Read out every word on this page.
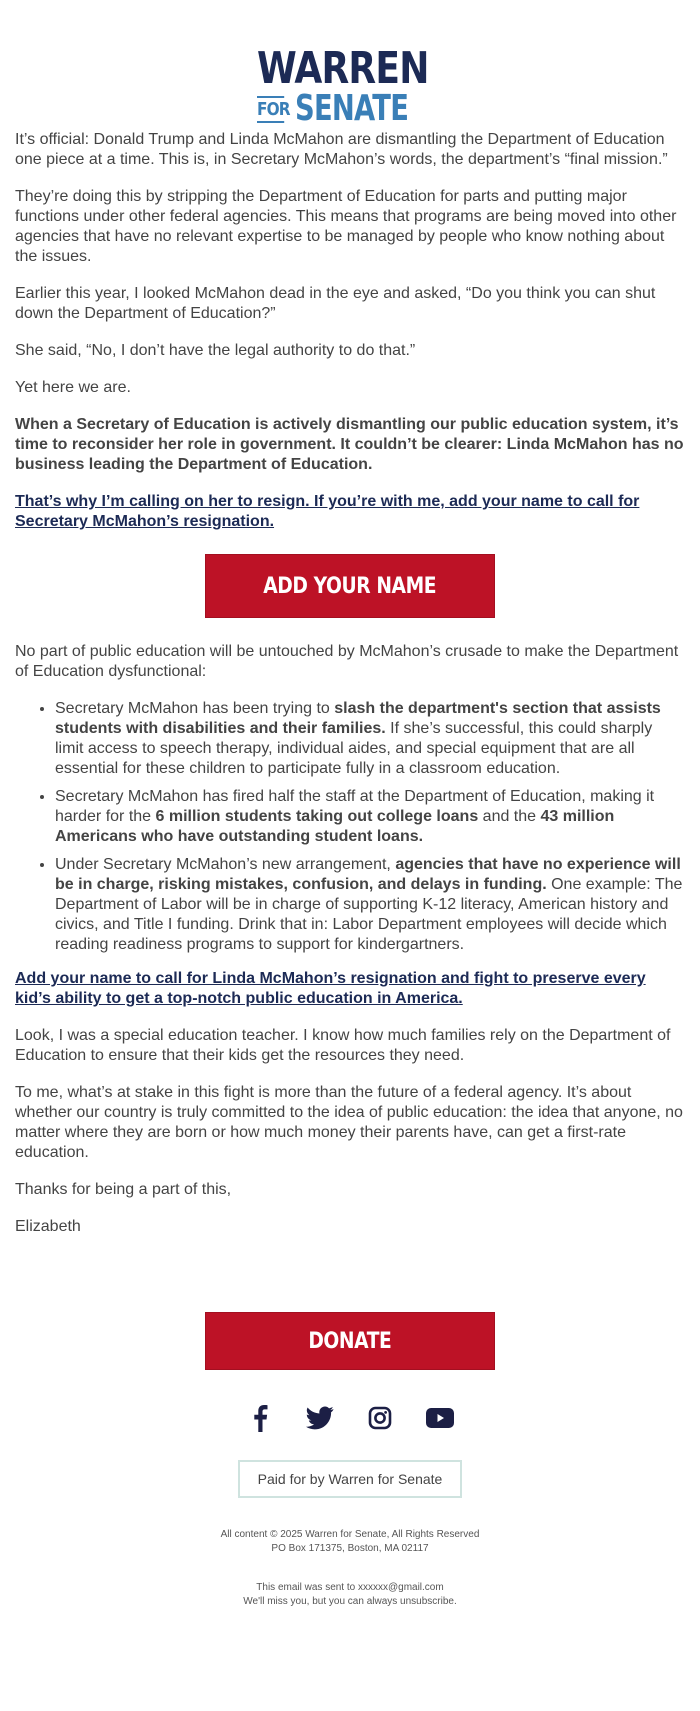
WARREN
FOR SENATE

It’s official: Donald Trump and Linda McMahon are dismantling the Department of Education one piece at a time. This is, in Secretary McMahon’s words, the department’s “final mission.”

They’re doing this by stripping the Department of Education for parts and putting major functions under other federal agencies. This means that programs are being moved into other agencies that have no relevant expertise to be managed by people who know nothing about the issues.

Earlier this year, I looked McMahon dead in the eye and asked, “Do you think you can shut down the Department of Education?”

She said, “No, I don’t have the legal authority to do that.”

Yet here we are.

When a Secretary of Education is actively dismantling our public education system, it’s time to reconsider her role in government. It couldn’t be clearer: Linda McMahon has no business leading the Department of Education.

That’s why I’m calling on her to resign. If you’re with me, add your name to call for Secretary McMahon’s resignation.

ADD YOUR NAME

No part of public education will be untouched by McMahon’s crusade to make the Department of Education dysfunctional:

• Secretary McMahon has been trying to slash the department's section that assists students with disabilities and their families. If she’s successful, this could sharply limit access to speech therapy, individual aides, and special equipment that are all essential for these children to participate fully in a classroom education.
• Secretary McMahon has fired half the staff at the Department of Education, making it harder for the 6 million students taking out college loans and the 43 million Americans who have outstanding student loans.
• Under Secretary McMahon’s new arrangement, agencies that have no experience will be in charge, risking mistakes, confusion, and delays in funding. One example: The Department of Labor will be in charge of supporting K-12 literacy, American history and civics, and Title I funding. Drink that in: Labor Department employees will decide which reading readiness programs to support for kindergartners.

Add your name to call for Linda McMahon’s resignation and fight to preserve every kid’s ability to get a top-notch public education in America.

Look, I was a special education teacher. I know how much families rely on the Department of Education to ensure that their kids get the resources they need.

To me, what’s at stake in this fight is more than the future of a federal agency. It’s about whether our country is truly committed to the idea of public education: the idea that anyone, no matter where they are born or how much money their parents have, can get a first-rate education.

Thanks for being a part of this,

Elizabeth

DONATE
Paid for by Warren for Senate
All content © 2025 Warren for Senate, All Rights Reserved
PO Box 171375, Boston, MA 02117
This email was sent to xxxxxx@gmail.com
We'll miss you, but you can always unsubscribe.
